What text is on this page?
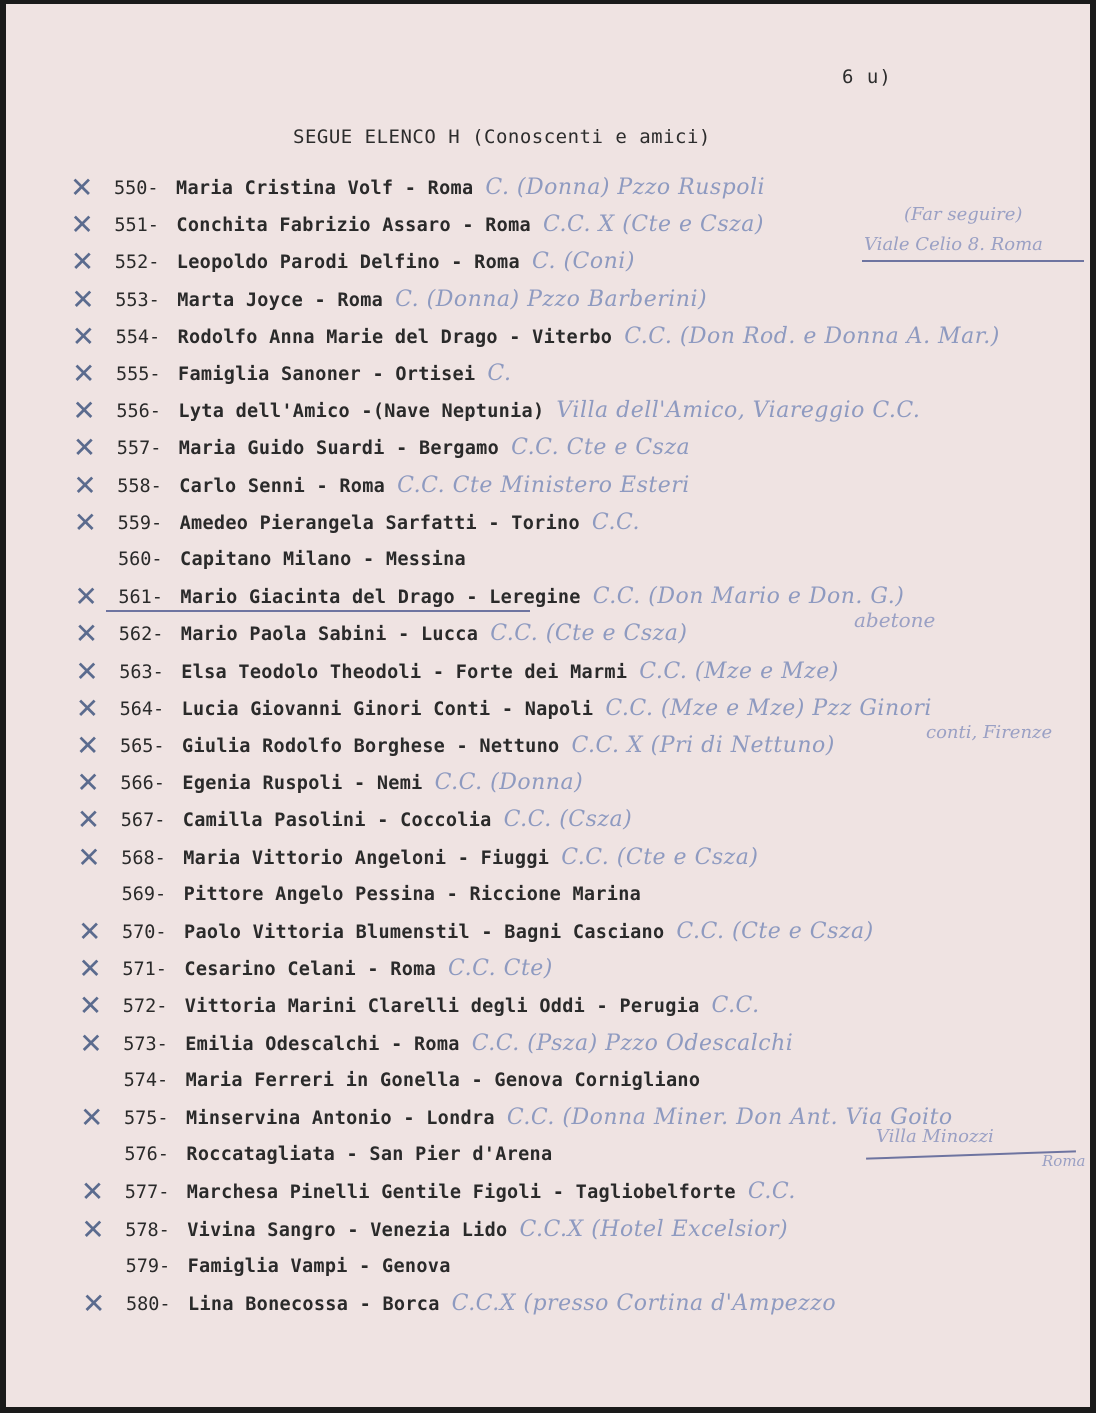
6 u)
SEGUE ELENCO H (Conoscenti e amici)
✕ 550- Maria Cristina Volf - Roma C. (Donna) Pzzo Ruspoli
✕ 551- Conchita Fabrizio Assaro - Roma C.C. X (Cte e Csza)
✕ 552- Leopoldo Parodi Delfino - Roma C. (Coni)
✕ 553- Marta Joyce - Roma C. (Donna) Pzzo Barberini)
✕ 554- Rodolfo Anna Marie del Drago - Viterbo C.C. (Don Rod. e Donna A. Mar.)
✕ 555- Famiglia Sanoner - Ortisei C.
✕ 556- Lyta dell'Amico -(Nave Neptunia) Villa dell'Amico, Viareggio C.C.
✕ 557- Maria Guido Suardi - Bergamo C.C. Cte e Csza
✕ 558- Carlo Senni - Roma C.C. Cte Ministero Esteri
✕ 559- Amedeo Pierangela Sarfatti - Torino C.C.
560- Capitano Milano - Messina
✕ 561- Mario Giacinta del Drago - Leregine C.C. (Don Mario e Don. G.)
✕ 562- Mario Paola Sabini - Lucca C.C. (Cte e Csza)
✕ 563- Elsa Teodolo Theodoli - Forte dei Marmi C.C. (Mze e Mze)
✕ 564- Lucia Giovanni Ginori Conti - Napoli C.C. (Mze e Mze) Pzz Ginori
✕ 565- Giulia Rodolfo Borghese - Nettuno C.C. X (Pri di Nettuno)
✕ 566- Egenia Ruspoli - Nemi C.C. (Donna)
✕ 567- Camilla Pasolini - Coccolia C.C. (Csza)
✕ 568- Maria Vittorio Angeloni - Fiuggi C.C. (Cte e Csza)
569- Pittore Angelo Pessina - Riccione Marina
✕ 570- Paolo Vittoria Blumenstil - Bagni Casciano C.C. (Cte e Csza)
✕ 571- Cesarino Celani - Roma C.C. Cte)
✕ 572- Vittoria Marini Clarelli degli Oddi - Perugia C.C.
✕ 573- Emilia Odescalchi - Roma C.C. (Psza) Pzzo Odescalchi
574- Maria Ferreri in Gonella - Genova Cornigliano
✕ 575- Minservina Antonio - Londra C.C. (Donna Miner. Don Ant. Via Goito
576- Roccatagliata - San Pier d'Arena
✕ 577- Marchesa Pinelli Gentile Figoli - Tagliobelforte C.C.
✕ 578- Vivina Sangro - Venezia Lido C.C.X (Hotel Excelsior)
579- Famiglia Vampi - Genova
✕ 580- Lina Bonecossa - Borca C.C.X (presso Cortina d'Ampezzo
(Far seguire)
Viale Celio 8. Roma
abetone
conti, Firenze
Villa Minozzi
Roma
